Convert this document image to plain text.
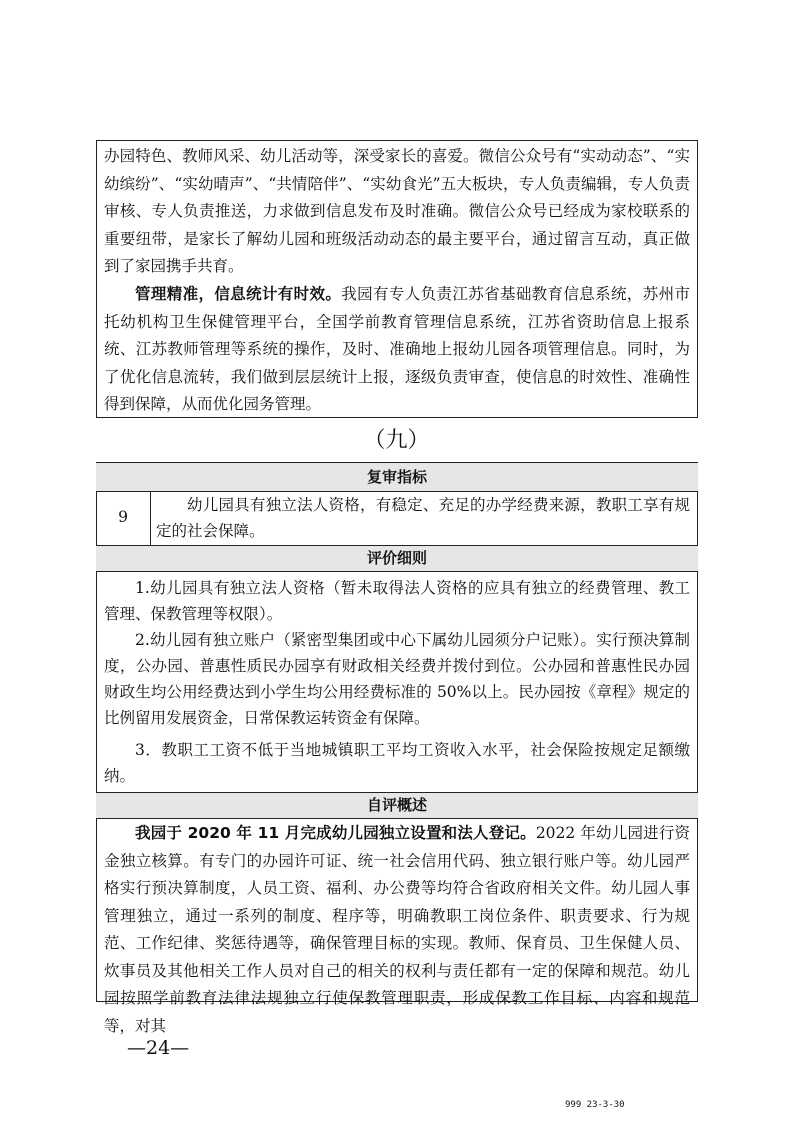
办园特色、教师风采、幼儿活动等，深受家长的喜爱。微信公众号有“实动动态”、“实幼缤纷”、“实幼晴声”、“共情陪伴”、“实幼食光”五大板块，专人负责编辑，专人负责审核、专人负责推送，力求做到信息发布及时准确。微信公众号已经成为家校联系的重要纽带，是家长了解幼儿园和班级活动动态的最主要平台，通过留言互动，真正做到了家园携手共育。

管理精准，信息统计有时效。我园有专人负责江苏省基础教育信息系统，苏州市托幼机构卫生保健管理平台，全国学前教育管理信息系统，江苏省资助信息上报系统、江苏教师管理等系统的操作，及时、准确地上报幼儿园各项管理信息。同时，为了优化信息流转，我们做到层层统计上报，逐级负责审查，使信息的时效性、准确性得到保障，从而优化园务管理。

（九）
复审指标
9

幼儿园具有独立法人资格，有稳定、充足的办学经费来源，教职工享有规定的社会保障。

评价细则

1.幼儿园具有独立法人资格（暂未取得法人资格的应具有独立的经费管理、教工管理、保教管理等权限）。

2.幼儿园有独立账户（紧密型集团或中心下属幼儿园须分户记账）。实行预决算制度，公办园、普惠性质民办园享有财政相关经费并拨付到位。公办园和普惠性民办园财政生均公用经费达到小学生均公用经费标准的 50%以上。民办园按《章程》规定的比例留用发展资金，日常保教运转资金有保障。

3．教职工工资不低于当地城镇职工平均工资收入水平，社会保险按规定足额缴纳。

自评概述

我园于 2020 年 11 月完成幼儿园独立设置和法人登记。2022 年幼儿园进行资金独立核算。有专门的办园许可证、统一社会信用代码、独立银行账户等。幼儿园严格实行预决算制度，人员工资、福利、办公费等均符合省政府相关文件。幼儿园人事管理独立，通过一系列的制度、程序等，明确教职工岗位条件、职责要求、行为规范、工作纪律、奖惩待遇等，确保管理目标的实现。教师、保育员、卫生保健人员、炊事员及其他相关工作人员对自己的相关的权利与责任都有一定的保障和规范。幼儿园按照学前教育法律法规独立行使保教管理职责，形成保教工作目标、内容和规范等，对其

—24—
999 23-3-30
